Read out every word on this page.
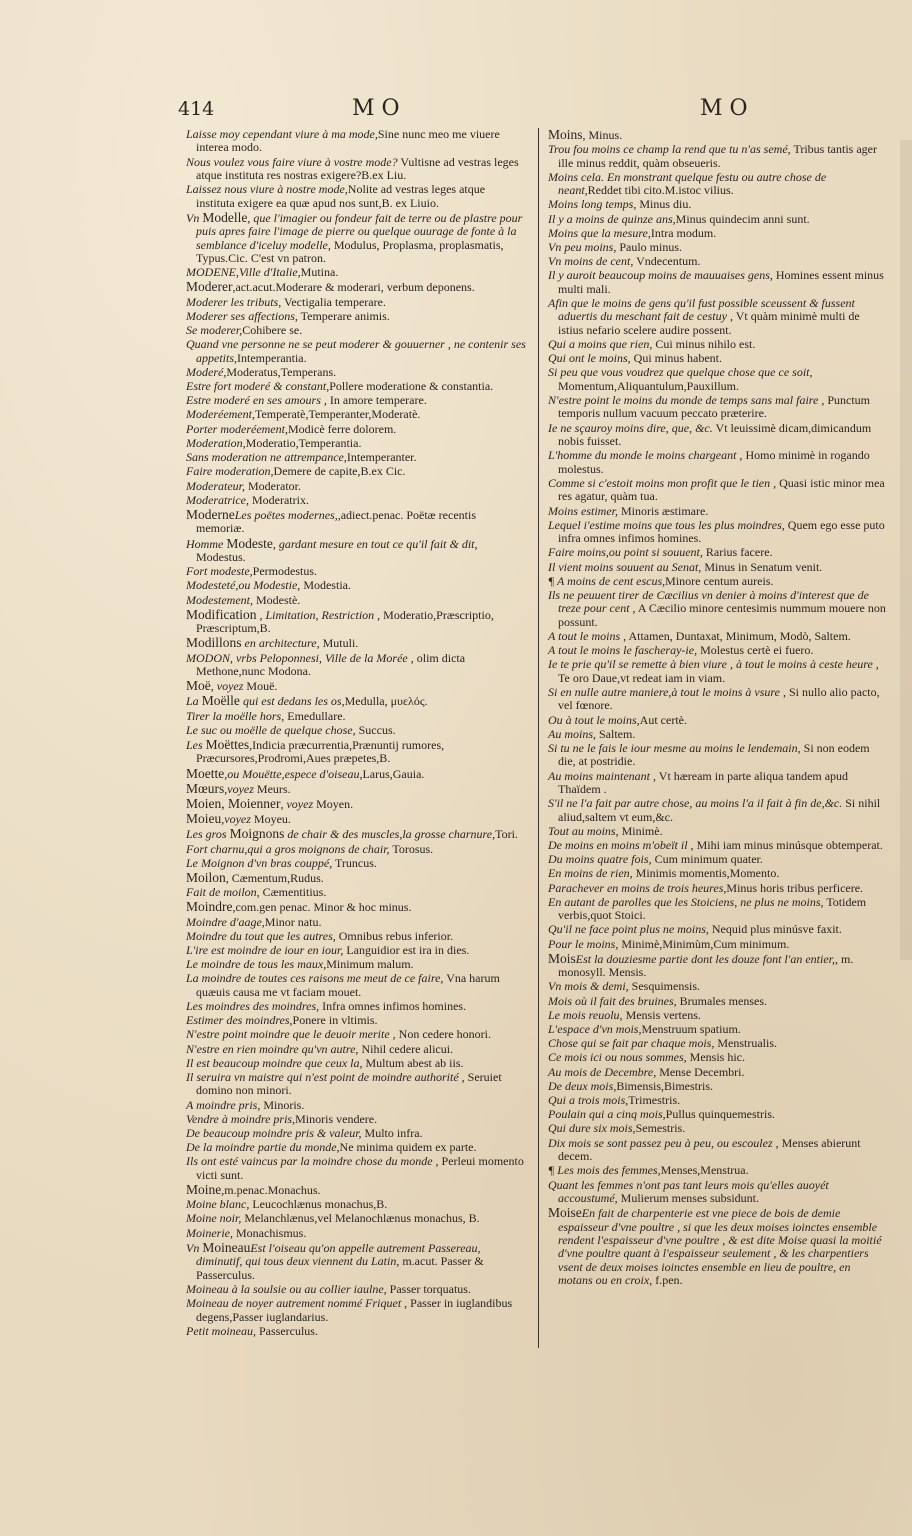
414	MO	MO
Laisse moy cependant viure à ma mode,Sine nunc meo me viuere interea modo.
Nous voulez vous faire viure à vostre mode? Vultisne ad vestras leges atque instituta res nostras exigere?B.ex Liu.
Laissez nous viure à nostre mode,Nolite ad vestras leges atque instituta exigere ea quæ apud nos sunt,B. ex Liuio.
Vn Modelle, que l'imagier ou fondeur fait de terre ou de plastre pour puis apres faire l'image de pierre ou quelque ouurage de fonte à la semblance d'iceluy modelle, Modulus, Proplasma, proplasmatis, Typus.Cic. C'est vn patron.
MODENE,Ville d'Italie,Mutina.
Moderer,act.acut.Moderare & moderari, verbum deponens.
Moderer les tributs, Vectigalia temperare.
Moderer ses affections, Temperare animis.
Se moderer,Cohibere se.
Quand vne personne ne se peut moderer & gouuerner , ne contenir ses appetits,Intemperantia.
Moderé,Moderatus,Temperans.
Estre fort moderé & constant,Pollere moderatione & constantia.
Estre moderé en ses amours , In amore temperare.
Moderéement,Temperatè,Temperanter,Moderatè.
Porter moderéement,Modicè ferre dolorem.
Moderation,Moderatio,Temperantia.
Sans moderation ne attrempance,Intemperanter.
Faire moderation,Demere de capite,B.ex Cic.
Moderateur, Moderator.
Moderatrice, Moderatrix.
ModerneLes poëtes modernes,,adiect.penac. Poëtæ recentis memoriæ.
Homme Modeste, gardant mesure en tout ce qu'il fait & dit, Modestus.
Fort modeste,Permodestus.
Modesteté,ou Modestie, Modestia.
Modestement, Modestè.
Modification , Limitation, Restriction , Moderatio,Præscriptio, Præscriptum,B.
Modillons en architecture, Mutuli.
MODON, vrbs Peloponnesi, Ville de la Morée , olim dicta Methone,nunc Modona.
Moë, voyez Mouë.
La Moëlle qui est dedans les os,Medulla, μυελός.
Tirer la moëlle hors, Emedullare.
Le suc ou moëlle de quelque chose, Succus.
Les Moëttes,Indicia præcurrentia,Prænuntij rumores, Præcursores,Prodromi,Aues præpetes,B.
Moette,ou Mouëtte,espece d'oiseau,Larus,Gauia.
Mœurs,voyez Meurs.
Moien, Moienner, voyez Moyen.
Moieu,voyez Moyeu.
Les gros Moignons de chair & des muscles,la grosse charnure,Tori.
Fort charnu,qui a gros moignons de chair, Torosus.
Le Moignon d'vn bras couppé, Truncus.
Moilon, Cæmentum,Rudus.
Fait de moilon, Cæmentitius.
Moindre,com.gen penac. Minor & hoc minus.
Moindre d'aage,Minor natu.
Moindre du tout que les autres, Omnibus rebus inferior.
L'ire est moindre de iour en iour, Languidior est ira in dies.
Le moindre de tous les maux,Minimum malum.
La moindre de toutes ces raisons me meut de ce faire, Vna harum quæuis causa me vt faciam mouet.
Les moindres des moindres, Infra omnes infimos homines.
Estimer des moindres,Ponere in vltimis.
N'estre point moindre que le deuoir merite , Non cedere honori.
N'estre en rien moindre qu'vn autre, Nihil cedere alicui.
Il est beaucoup moindre que ceux la, Multum abest ab iis.
Il seruira vn maistre qui n'est point de moindre authorité , Seruiet domino non minori.
A moindre pris, Minoris.
Vendre à moindre pris,Minoris vendere.
De beaucoup moindre pris & valeur, Multo infra.
De la moindre partie du monde,Ne minima quidem ex parte.
Ils ont esté vaincus par la moindre chose du monde , Perleui momento victi sunt.
Moine,m.penac.Monachus.
Moine blanc, Leucochlænus monachus,B.
Moine noir, Melanchlænus,vel Melanochlænus monachus, B.
Moinerie, Monachismus.
Vn MoineauEst l'oiseau qu'on appelle autrement Passereau, diminutif, qui tous deux viennent du Latin, m.acut. Passer & Passerculus.
Moineau à la soulsie ou au collier iaulne, Passer torquatus.
Moineau de noyer autrement nommé Friquet , Passer in iuglandibus degens,Passer iuglandarius.
Petit moineau, Passerculus.
Moins, Minus.
Trou fou moins ce champ la rend que tu n'as semé, Tribus tantis ager ille minus reddit, quàm obseueris.
Moins cela. En monstrant quelque festu ou autre chose de neant,Reddet tibi cito.M.istoc vilius.
Moins long temps, Minus diu.
Il y a moins de quinze ans,Minus quindecim anni sunt.
Moins que la mesure,Intra modum.
Vn peu moins, Paulo minus.
Vn moins de cent, Vndecentum.
Il y auroit beaucoup moins de mauuaises gens, Homines essent minus multi mali.
Afin que le moins de gens qu'il fust possible sceussent & fussent aduertis du meschant fait de cestuy , Vt quàm minimè multi de istius nefario scelere audire possent.
Qui a moins que rien, Cui minus nihilo est.
Qui ont le moins, Qui minus habent.
Si peu que vous voudrez que quelque chose que ce soit, Momentum,Aliquantulum,Pauxillum.
N'estre point le moins du monde de temps sans mal faire , Punctum temporis nullum vacuum peccato præterire.
Ie ne sçauroy moins dire, que, &c. Vt leuissimè dicam,dimicandum nobis fuisset.
L'homme du monde le moins chargeant , Homo minimè in rogando molestus.
Comme si c'estoit moins mon profit que le tien , Quasi istic minor mea res agatur, quàm tua.
Moins estimer, Minoris æstimare.
Lequel i'estime moins que tous les plus moindres, Quem ego esse puto infra omnes infimos homines.
Faire moins,ou point si souuent, Rarius facere.
Il vient moins souuent au Senat, Minus in Senatum venit.
¶ A moins de cent escus,Minore centum aureis.
Ils ne peuuent tirer de Cæcilius vn denier à moins d'interest que de treze pour cent , A Cæcilio minore centesimis nummum mouere non possunt.
A tout le moins , Attamen, Duntaxat, Minimum, Modò, Saltem.
A tout le moins le fascheray-ie, Molestus certè ei fuero.
Ie te prie qu'il se remette à bien viure , à tout le moins à ceste heure , Te oro Daue,vt redeat iam in viam.
Si en nulle autre maniere,à tout le moins à vsure , Si nullo alio pacto, vel fœnore.
Ou à tout le moins,Aut certè.
Au moins, Saltem.
Si tu ne le fais le iour mesme au moins le lendemain, Si non eodem die, at postridie.
Au moins maintenant , Vt hæream in parte aliqua tandem apud Thaïdem .
S'il ne l'a fait par autre chose, au moins l'a il fait à fin de,&c. Si nihil aliud,saltem vt eum,&c.
Tout au moins, Minimè.
De moins en moins m'obeït il , Mihi iam minus minúsque obtemperat.
Du moins quatre fois, Cum minimum quater.
En moins de rien, Minimis momentis,Momento.
Parachever en moins de trois heures,Minus horis tribus perficere.
En autant de parolles que les Stoiciens, ne plus ne moins, Totidem verbis,quot Stoici.
Qu'il ne face point plus ne moins, Nequid plus minúsve faxit.
Pour le moins, Minimè,Minimùm,Cum minimum.
MoisEst la douziesme partie dont les douze font l'an entier,, m. monosyll. Mensis.
Vn mois & demi, Sesquimensis.
Mois où il fait des bruines, Brumales menses.
Le mois reuolu, Mensis vertens.
L'espace d'vn mois,Menstruum spatium.
Chose qui se fait par chaque mois, Menstrualis.
Ce mois ici ou nous sommes, Mensis hic.
Au mois de Decembre, Mense Decembri.
De deux mois,Bimensis,Bimestris.
Qui a trois mois,Trimestris.
Poulain qui a cinq mois,Pullus quinquemestris.
Qui dure six mois,Semestris.
Dix mois se sont passez peu à peu, ou escoulez , Menses abierunt decem.
¶ Les mois des femmes,Menses,Menstrua.
Quant les femmes n'ont pas tant leurs mois qu'elles auoyét accoustumé, Mulierum menses subsidunt.
MoiseEn fait de charpenterie est vne piece de bois de demie espaisseur d'vne poultre , si que les deux moises ioinctes ensemble rendent l'espaisseur d'vne poultre , & est dite Moise quasi la moitié d'vne poultre quant à l'espaisseur seulement , & les charpentiers vsent de deux moises ioinctes ensemble en lieu de poultre, en motans ou en croix, f.pen.
